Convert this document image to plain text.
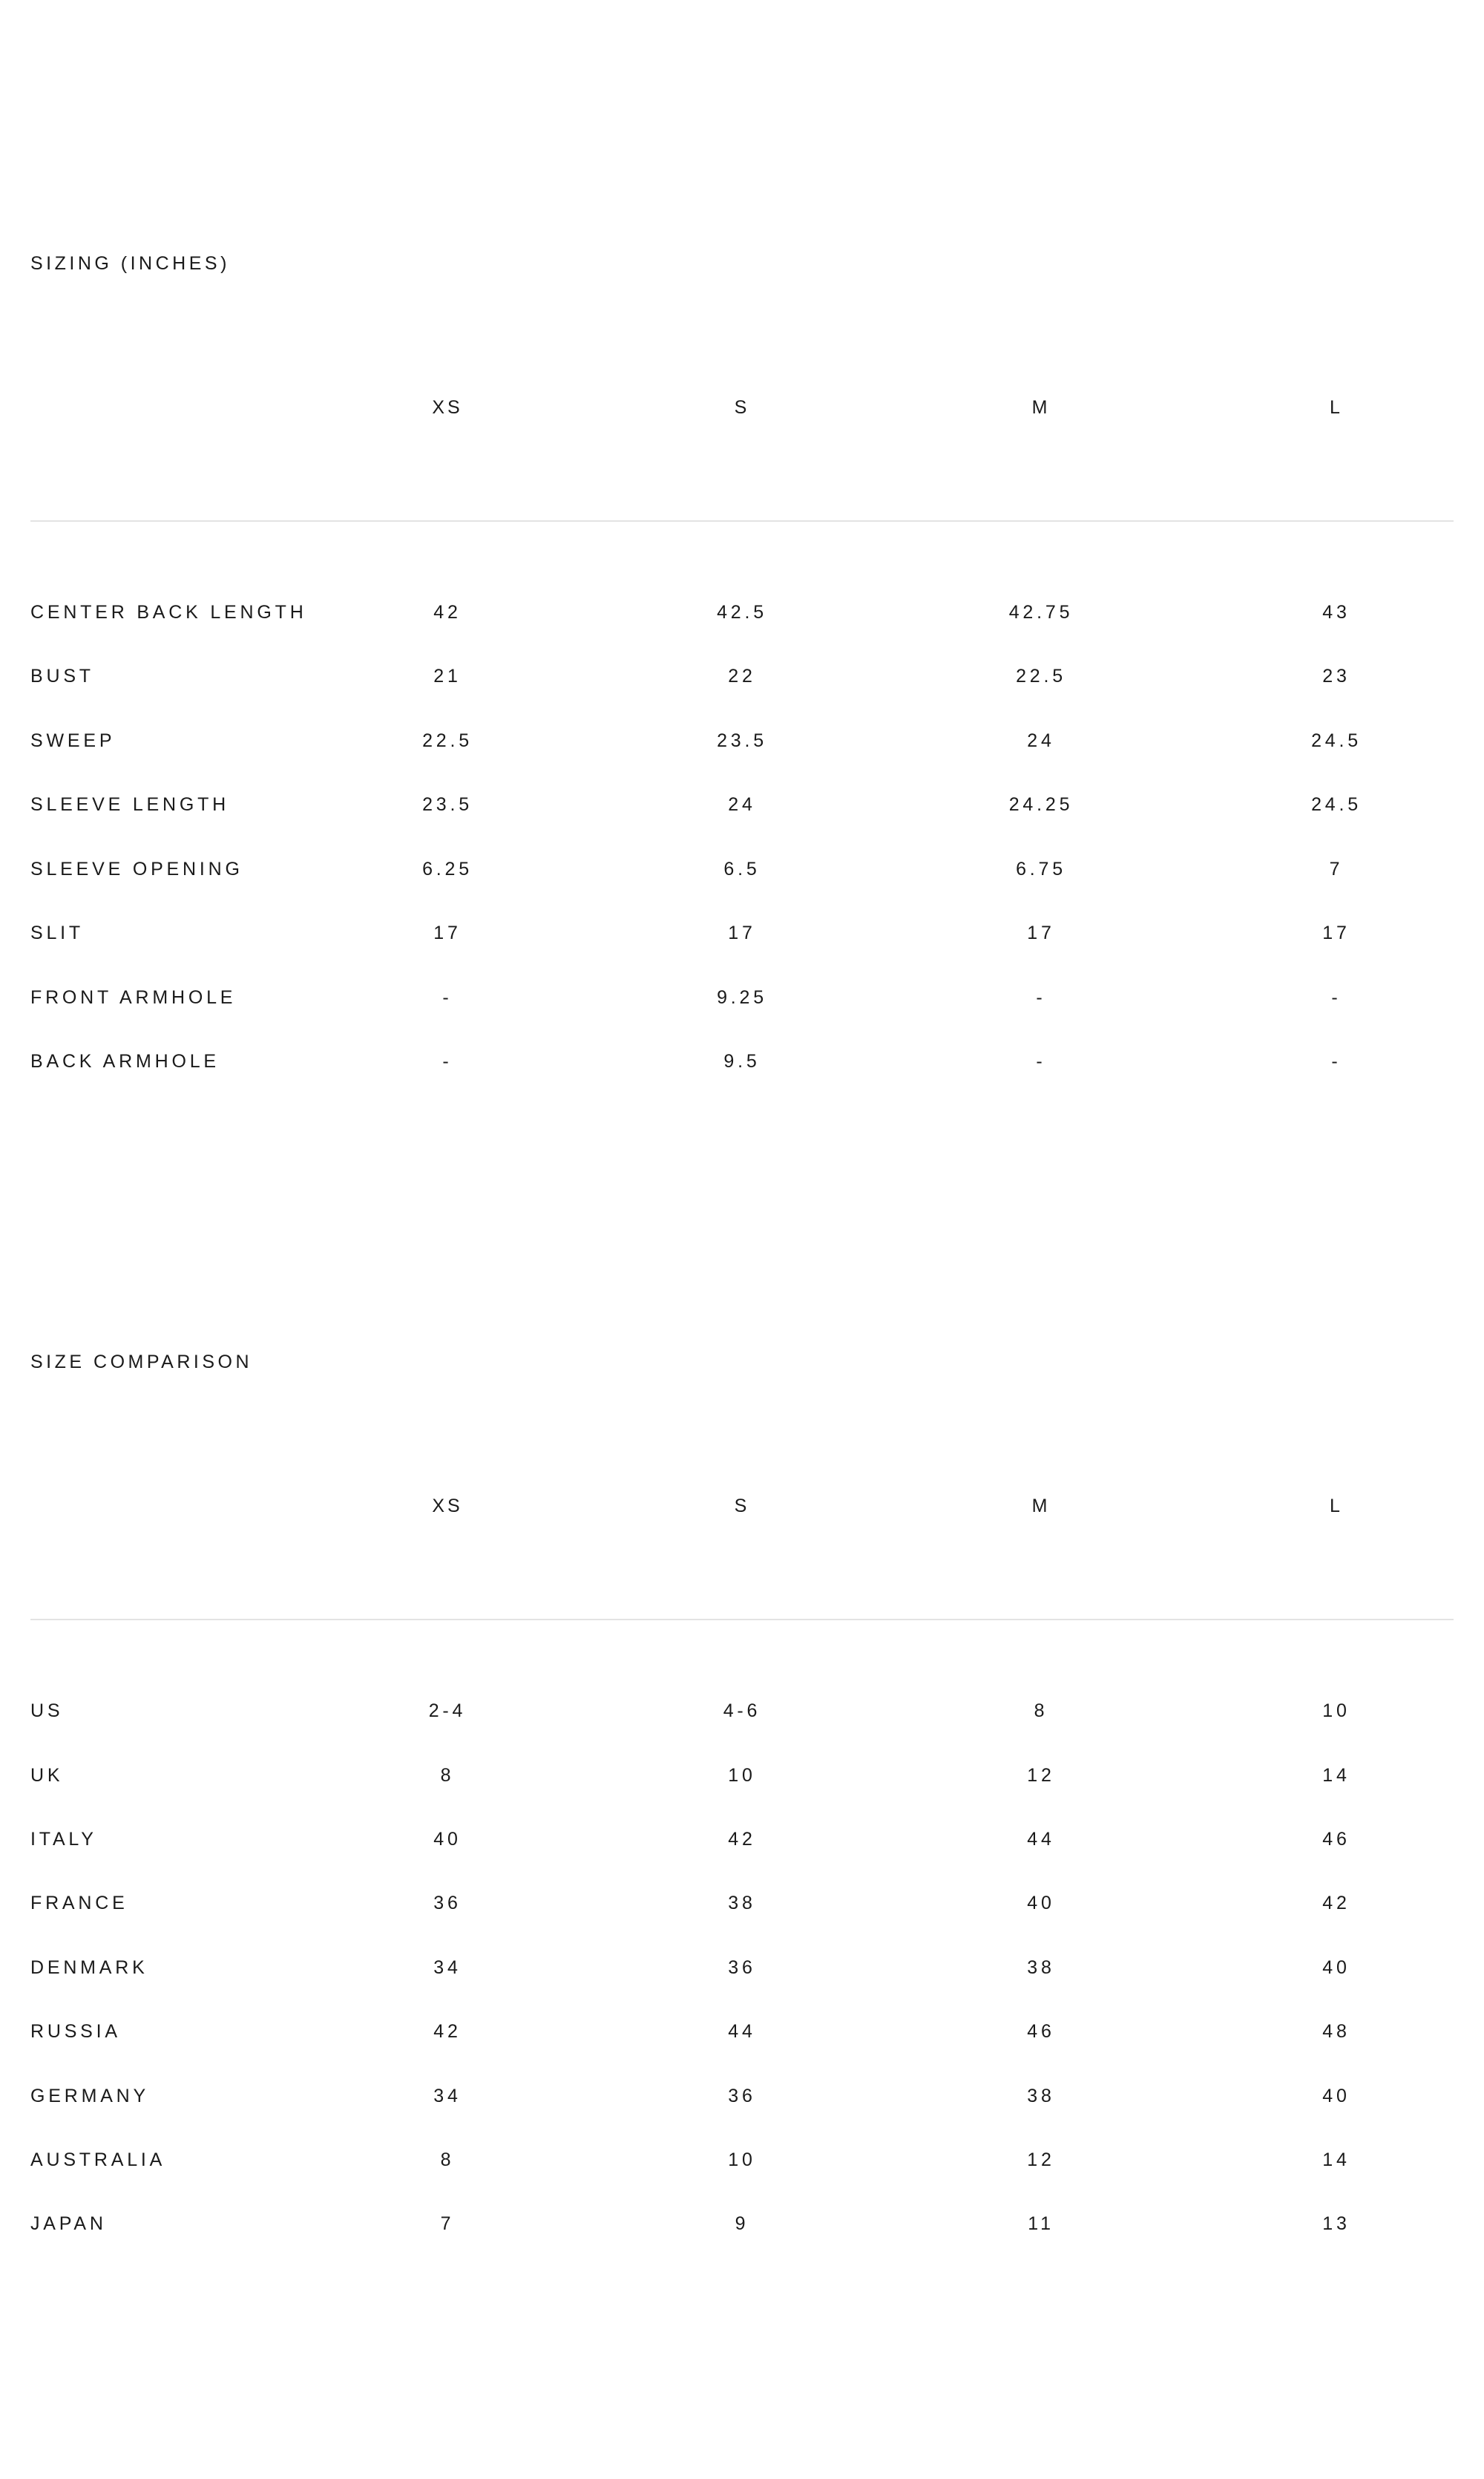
SIZING (INCHES)
XS	S	M	L
CENTER BACK LENGTH	42	42.5	42.75	43
BUST	21	22	22.5	23
SWEEP	22.5	23.5	24	24.5
SLEEVE LENGTH	23.5	24	24.25	24.5
SLEEVE OPENING	6.25	6.5	6.75	7
SLIT	17	17	17	17
FRONT ARMHOLE	-	9.25	-	-
BACK ARMHOLE	-	9.5	-	-
SIZE COMPARISON
XS	S	M	L
US	2-4	4-6	8	10
UK	8	10	12	14
ITALY	40	42	44	46
FRANCE	36	38	40	42
DENMARK	34	36	38	40
RUSSIA	42	44	46	48
GERMANY	34	36	38	40
AUSTRALIA	8	10	12	14
JAPAN	7	9	11	13
